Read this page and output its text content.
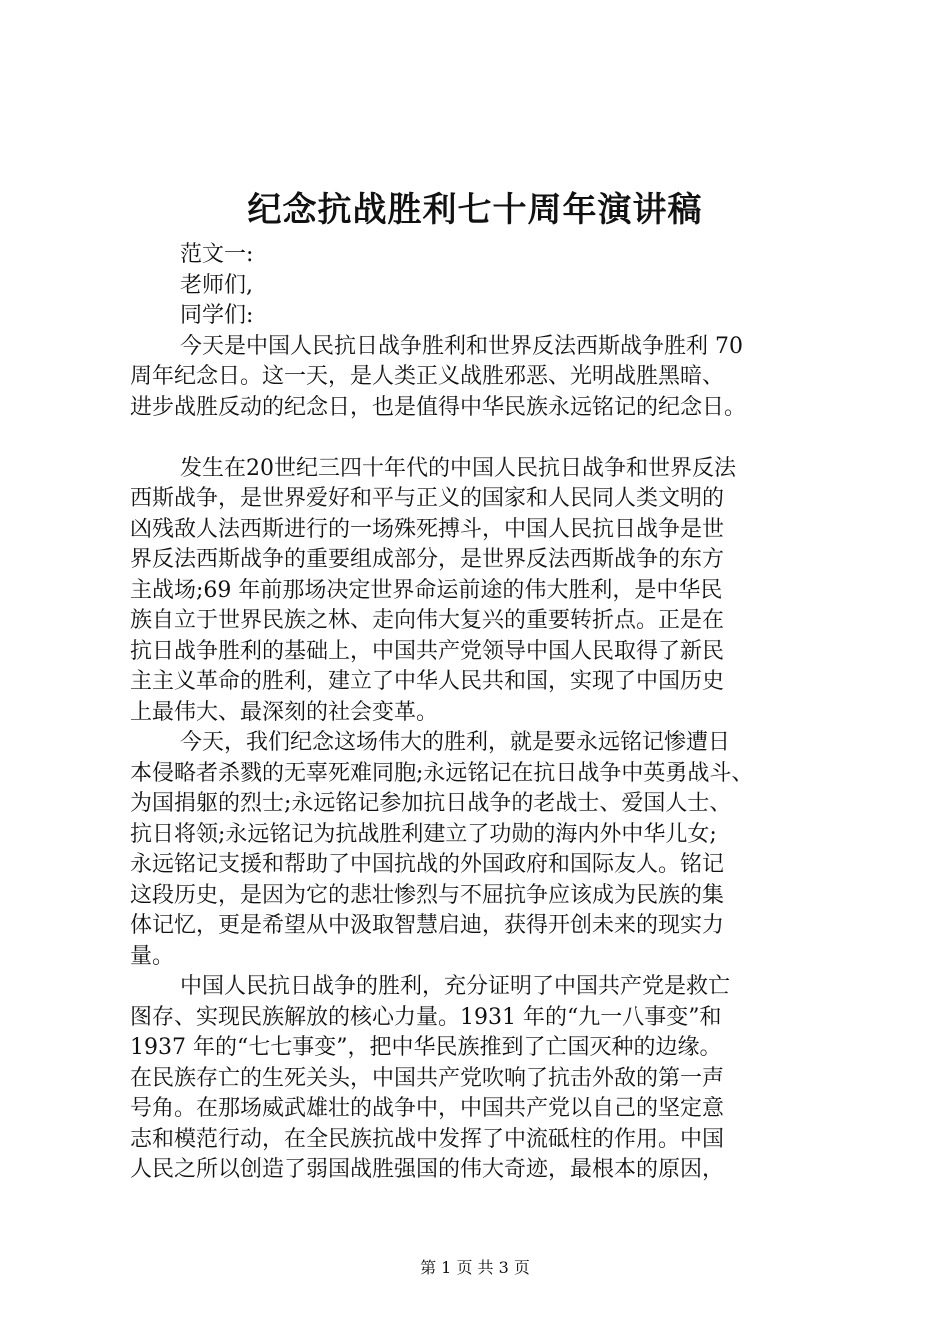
纪念抗战胜利七十周年演讲稿
范文一:
老师们,
同学们:
今天是中国人民抗日战争胜利和世界反法西斯战争胜利 70
周年纪念日。这一天，是人类正义战胜邪恶、光明战胜黑暗、
进步战胜反动的纪念日，也是值得中华民族永远铭记的纪念日。
发生在20世纪三四十年代的中国人民抗日战争和世界反法
西斯战争，是世界爱好和平与正义的国家和人民同人类文明的
凶残敌人法西斯进行的一场殊死搏斗，中国人民抗日战争是世
界反法西斯战争的重要组成部分，是世界反法西斯战争的东方
主战场;69 年前那场决定世界命运前途的伟大胜利，是中华民
族自立于世界民族之林、走向伟大复兴的重要转折点。正是在
抗日战争胜利的基础上，中国共产党领导中国人民取得了新民
主主义革命的胜利，建立了中华人民共和国，实现了中国历史
上最伟大、最深刻的社会变革。
今天，我们纪念这场伟大的胜利，就是要永远铭记惨遭日
本侵略者杀戮的无辜死难同胞;永远铭记在抗日战争中英勇战斗、
为国捐躯的烈士;永远铭记参加抗日战争的老战士、爱国人士、
抗日将领;永远铭记为抗战胜利建立了功勋的海内外中华儿女;
永远铭记支援和帮助了中国抗战的外国政府和国际友人。铭记
这段历史，是因为它的悲壮惨烈与不屈抗争应该成为民族的集
体记忆，更是希望从中汲取智慧启迪，获得开创未来的现实力
量。
中国人民抗日战争的胜利，充分证明了中国共产党是救亡
图存、实现民族解放的核心力量。1931 年的“九一八事变”和
1937 年的“七七事变”，把中华民族推到了亡国灭种的边缘。
在民族存亡的生死关头，中国共产党吹响了抗击外敌的第一声
号角。在那场威武雄壮的战争中，中国共产党以自己的坚定意
志和模范行动，在全民族抗战中发挥了中流砥柱的作用。中国
人民之所以创造了弱国战胜强国的伟大奇迹，最根本的原因，
第 1 页 共 3 页
